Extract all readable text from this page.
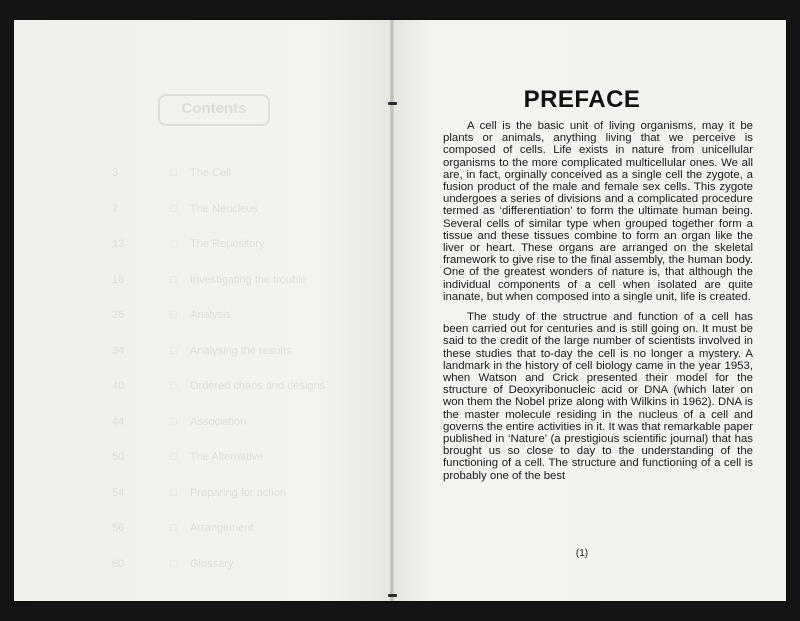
Contents
3	□ The Cell
7	□ The Neucleus
13	□ The Repository
18	□ Investigating the trouble
26	□ Analysis
34	□ Analysing the results
40	□ Ordered chaos and designs
44	□ Association
50	□ The Alternative
54	□ Preparing for action
56	□ Arrangement
60	□ Glossary
PREFACE

A cell is the basic unit of living organisms, may it be plants or animals, anything living that we perceive is composed of cells. Life exists in nature from unicellular organisms to the more complicated multicellular ones. We all are, in fact, orginally conceived as a single cell the zygote, a fusion product of the male and female sex cells. This zygote undergoes a series of divisions and a complicated procedure termed as ‘differentiation’ to form the ultimate human being. Several cells of similar type when grouped together form a tissue and these tissues combine to form an organ like the liver or heart. These organs are arranged on the skeletal framework to give rise to the final assembly, the human body. One of the greatest wonders of nature is, that although the individual components of a cell when isolated are quite inanate, but when composed into a single unit, life is created.

The study of the structrue and function of a cell has been carried out for centuries and is still going on. It must be said to the credit of the large number of scientists involved in these studies that to-day the cell is no longer a mystery. A landmark in the history of cell biology came in the year 1953, when Watson and Crick presented their model for the structure of Deoxyribonucleic acid or DNA (which later on won them the Nobel prize along with Wilkins in 1962). DNA is the master molecule residing in the nucleus of a cell and governs the entire activities in it. It was that remarkable paper published in ‘Nature’ (a prestigious scientific journal) that has brought us so close to day to the understanding of the functioning of a cell. The structure and functioning of a cell is probably one of the best

(1)
